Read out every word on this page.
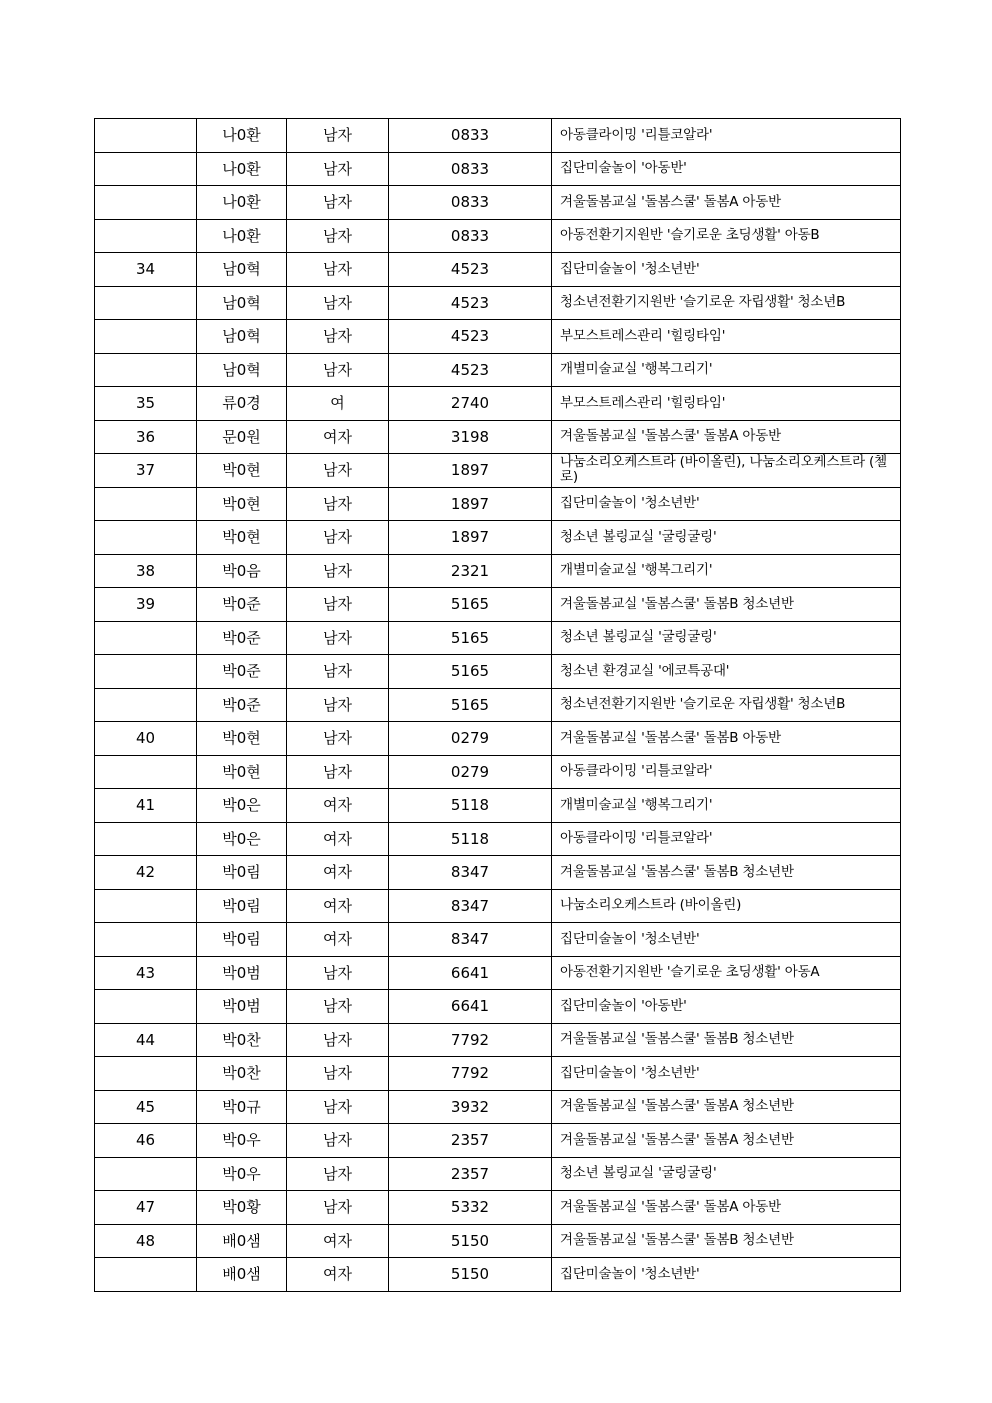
	나0환	남자	0833	아동클라이밍 '리틀코알라'
	나0환	남자	0833	집단미술놀이 '아동반'
	나0환	남자	0833	겨울돌봄교실 '돌봄스쿨' 돌봄A 아동반
	나0환	남자	0833	아동전환기지원반 '슬기로운 초딩생활' 아동B
34	남0혁	남자	4523	집단미술놀이 '청소년반'
	남0혁	남자	4523	청소년전환기지원반 '슬기로운 자립생활' 청소년B
	남0혁	남자	4523	부모스트레스관리 '힐링타임'
	남0혁	남자	4523	개별미술교실 '행복그리기'
35	류0경	여	2740	부모스트레스관리 '힐링타임'
36	문0원	여자	3198	겨울돌봄교실 '돌봄스쿨' 돌봄A 아동반
37	박0현	남자	1897	나눔소리오케스트라 (바이올린), 나눔소리오케스트라 (첼로)
	박0현	남자	1897	집단미술놀이 '청소년반'
	박0현	남자	1897	청소년 볼링교실 '굴링굴링'
38	박0음	남자	2321	개별미술교실 '행복그리기'
39	박0준	남자	5165	겨울돌봄교실 '돌봄스쿨' 돌봄B 청소년반
	박0준	남자	5165	청소년 볼링교실 '굴링굴링'
	박0준	남자	5165	청소년 환경교실 '에코특공대'
	박0준	남자	5165	청소년전환기지원반 '슬기로운 자립생활' 청소년B
40	박0현	남자	0279	겨울돌봄교실 '돌봄스쿨' 돌봄B 아동반
	박0현	남자	0279	아동클라이밍 '리틀코알라'
41	박0은	여자	5118	개별미술교실 '행복그리기'
	박0은	여자	5118	아동클라이밍 '리틀코알라'
42	박0림	여자	8347	겨울돌봄교실 '돌봄스쿨' 돌봄B 청소년반
	박0림	여자	8347	나눔소리오케스트라 (바이올린)
	박0림	여자	8347	집단미술놀이 '청소년반'
43	박0범	남자	6641	아동전환기지원반 '슬기로운 초딩생활' 아동A
	박0범	남자	6641	집단미술놀이 '아동반'
44	박0찬	남자	7792	겨울돌봄교실 '돌봄스쿨' 돌봄B 청소년반
	박0찬	남자	7792	집단미술놀이 '청소년반'
45	박0규	남자	3932	겨울돌봄교실 '돌봄스쿨' 돌봄A 청소년반
46	박0우	남자	2357	겨울돌봄교실 '돌봄스쿨' 돌봄A 청소년반
	박0우	남자	2357	청소년 볼링교실 '굴링굴링'
47	박0황	남자	5332	겨울돌봄교실 '돌봄스쿨' 돌봄A 아동반
48	배0샘	여자	5150	겨울돌봄교실 '돌봄스쿨' 돌봄B 청소년반
	배0샘	여자	5150	집단미술놀이 '청소년반'
